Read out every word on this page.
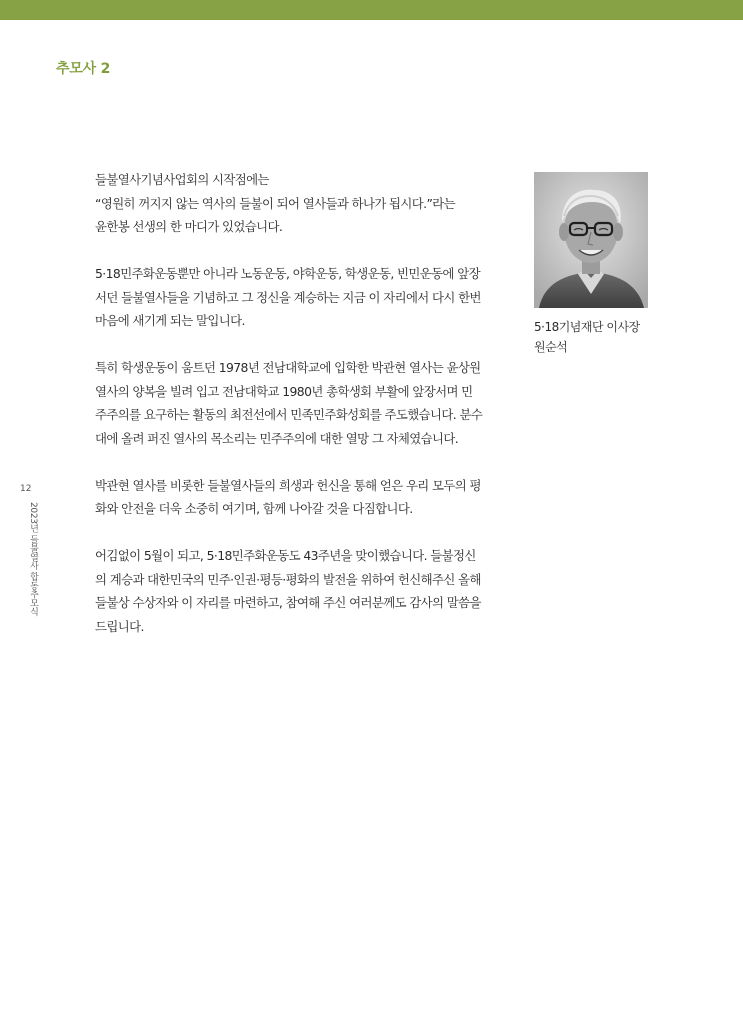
추모사 2

들불열사기념사업회의 시작점에는
“영원히 꺼지지 않는 역사의 들불이 되어 열사들과 하나가 됩시다.”라는
윤한봉 선생의 한 마디가 있었습니다.

5·18민주화운동뿐만 아니라 노동운동, 야학운동, 학생운동, 빈민운동에 앞장
서던 들불열사들을 기념하고 그 정신을 계승하는 지금 이 자리에서 다시 한번
마음에 새기게 되는 말입니다.

특히 학생운동이 움트던 1978년 전남대학교에 입학한 박관현 열사는 윤상원
열사의 양복을 빌려 입고 전남대학교 1980년 총학생회 부활에 앞장서며 민
주주의를 요구하는 활동의 최전선에서 민족민주화성회를 주도했습니다. 분수
대에 올려 퍼진 열사의 목소리는 민주주의에 대한 열망 그 자체였습니다.

박관현 열사를 비롯한 들불열사들의 희생과 헌신을 통해 얻은 우리 모두의 평
화와 안전을 더욱 소중히 여기며, 함께 나아갈 것을 다짐합니다.

어김없이 5월이 되고, 5·18민주화운동도 43주년을 맞이했습니다. 들불정신
의 계승과 대한민국의 민주·인권·평등·평화의 발전을 위하여 헌신해주신 올해
들불상 수상자와 이 자리를 마련하고, 참여해 주신 여러분께도 감사의 말씀을
드립니다.

5·18기념재단 이사장
원순석
12
2023년 들불열사 합동추모식
